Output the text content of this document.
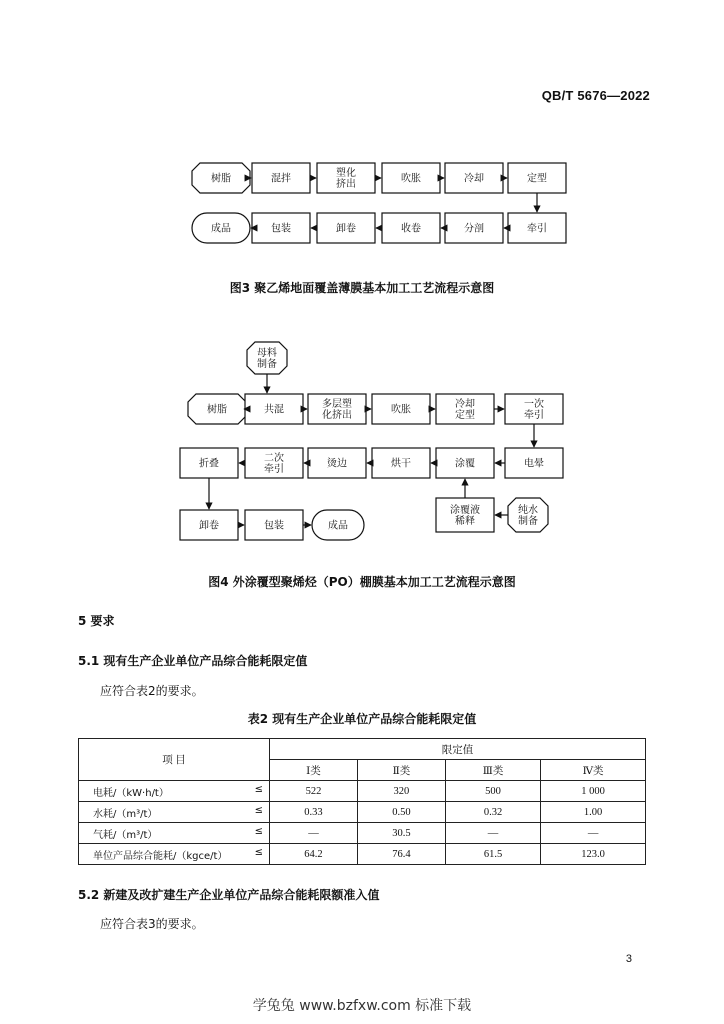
QB/T 5676—2022
树脂	混拌	塑化
挤出	吹胀	冷却	定型
成品	包装	卸卷	收卷	分剖	牵引
图3 聚乙烯地面覆盖薄膜基本加工工艺流程示意图
母料
制备
树脂	共混	多层塑
化挤出	吹胀	冷却
定型
一次
牵引
折叠	二次
牵引	烫边	烘干	涂覆	电晕
卸卷	包装	成品
涂覆液
稀释
纯水
制备
图4 外涂覆型聚烯烃（PO）棚膜基本加工工艺流程示意图
5 要求
5.1 现有生产企业单位产品综合能耗限定值
应符合表2的要求。
表2 现有生产企业单位产品综合能耗限定值
项 目	限定值			
	Ⅰ类	Ⅱ类	Ⅲ类	Ⅳ类
电耗/（kW·h/t） ≤	522	320	500	1 000
水耗/（m³/t） ≤	0.33	0.50	0.32	1.00
气耗/（m³/t） ≤	—	30.5	—	—
单位产品综合能耗/（kgce/t） ≤	64.2	76.4	61.5	123.0
5.2 新建及改扩建生产企业单位产品综合能耗限额准入值
应符合表3的要求。
3
学兔兔 www.bzfxw.com 标准下载
